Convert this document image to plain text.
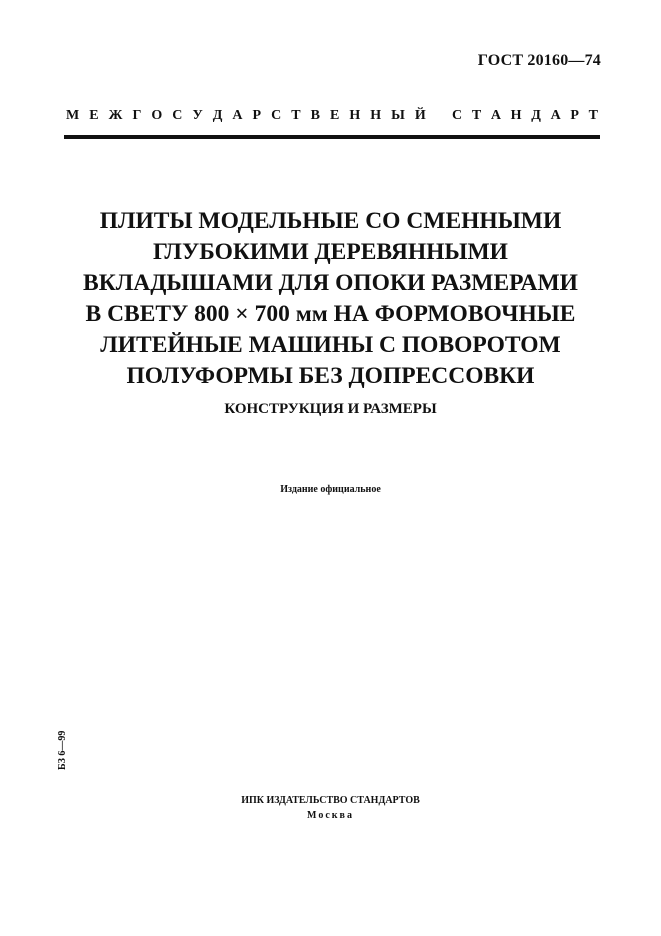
ГОСТ 20160—74
М Е Ж Г О С У Д А Р С Т В Е Н Н Ы Й С Т А Н Д А Р Т
ПЛИТЫ МОДЕЛЬНЫЕ СО СМЕННЫМИ
ГЛУБОКИМИ ДЕРЕВЯННЫМИ
ВКЛАДЫШАМИ ДЛЯ ОПОКИ РАЗМЕРАМИ
В СВЕТУ 800 × 700 мм НА ФОРМОВОЧНЫЕ
ЛИТЕЙНЫЕ МАШИНЫ С ПОВОРОТОМ
ПОЛУФОРМЫ БЕЗ ДОПРЕССОВКИ
КОНСТРУКЦИЯ И РАЗМЕРЫ
Издание официальное
БЗ 6—99
ИПК ИЗДАТЕЛЬСТВО СТАНДАРТОВ
Москва
